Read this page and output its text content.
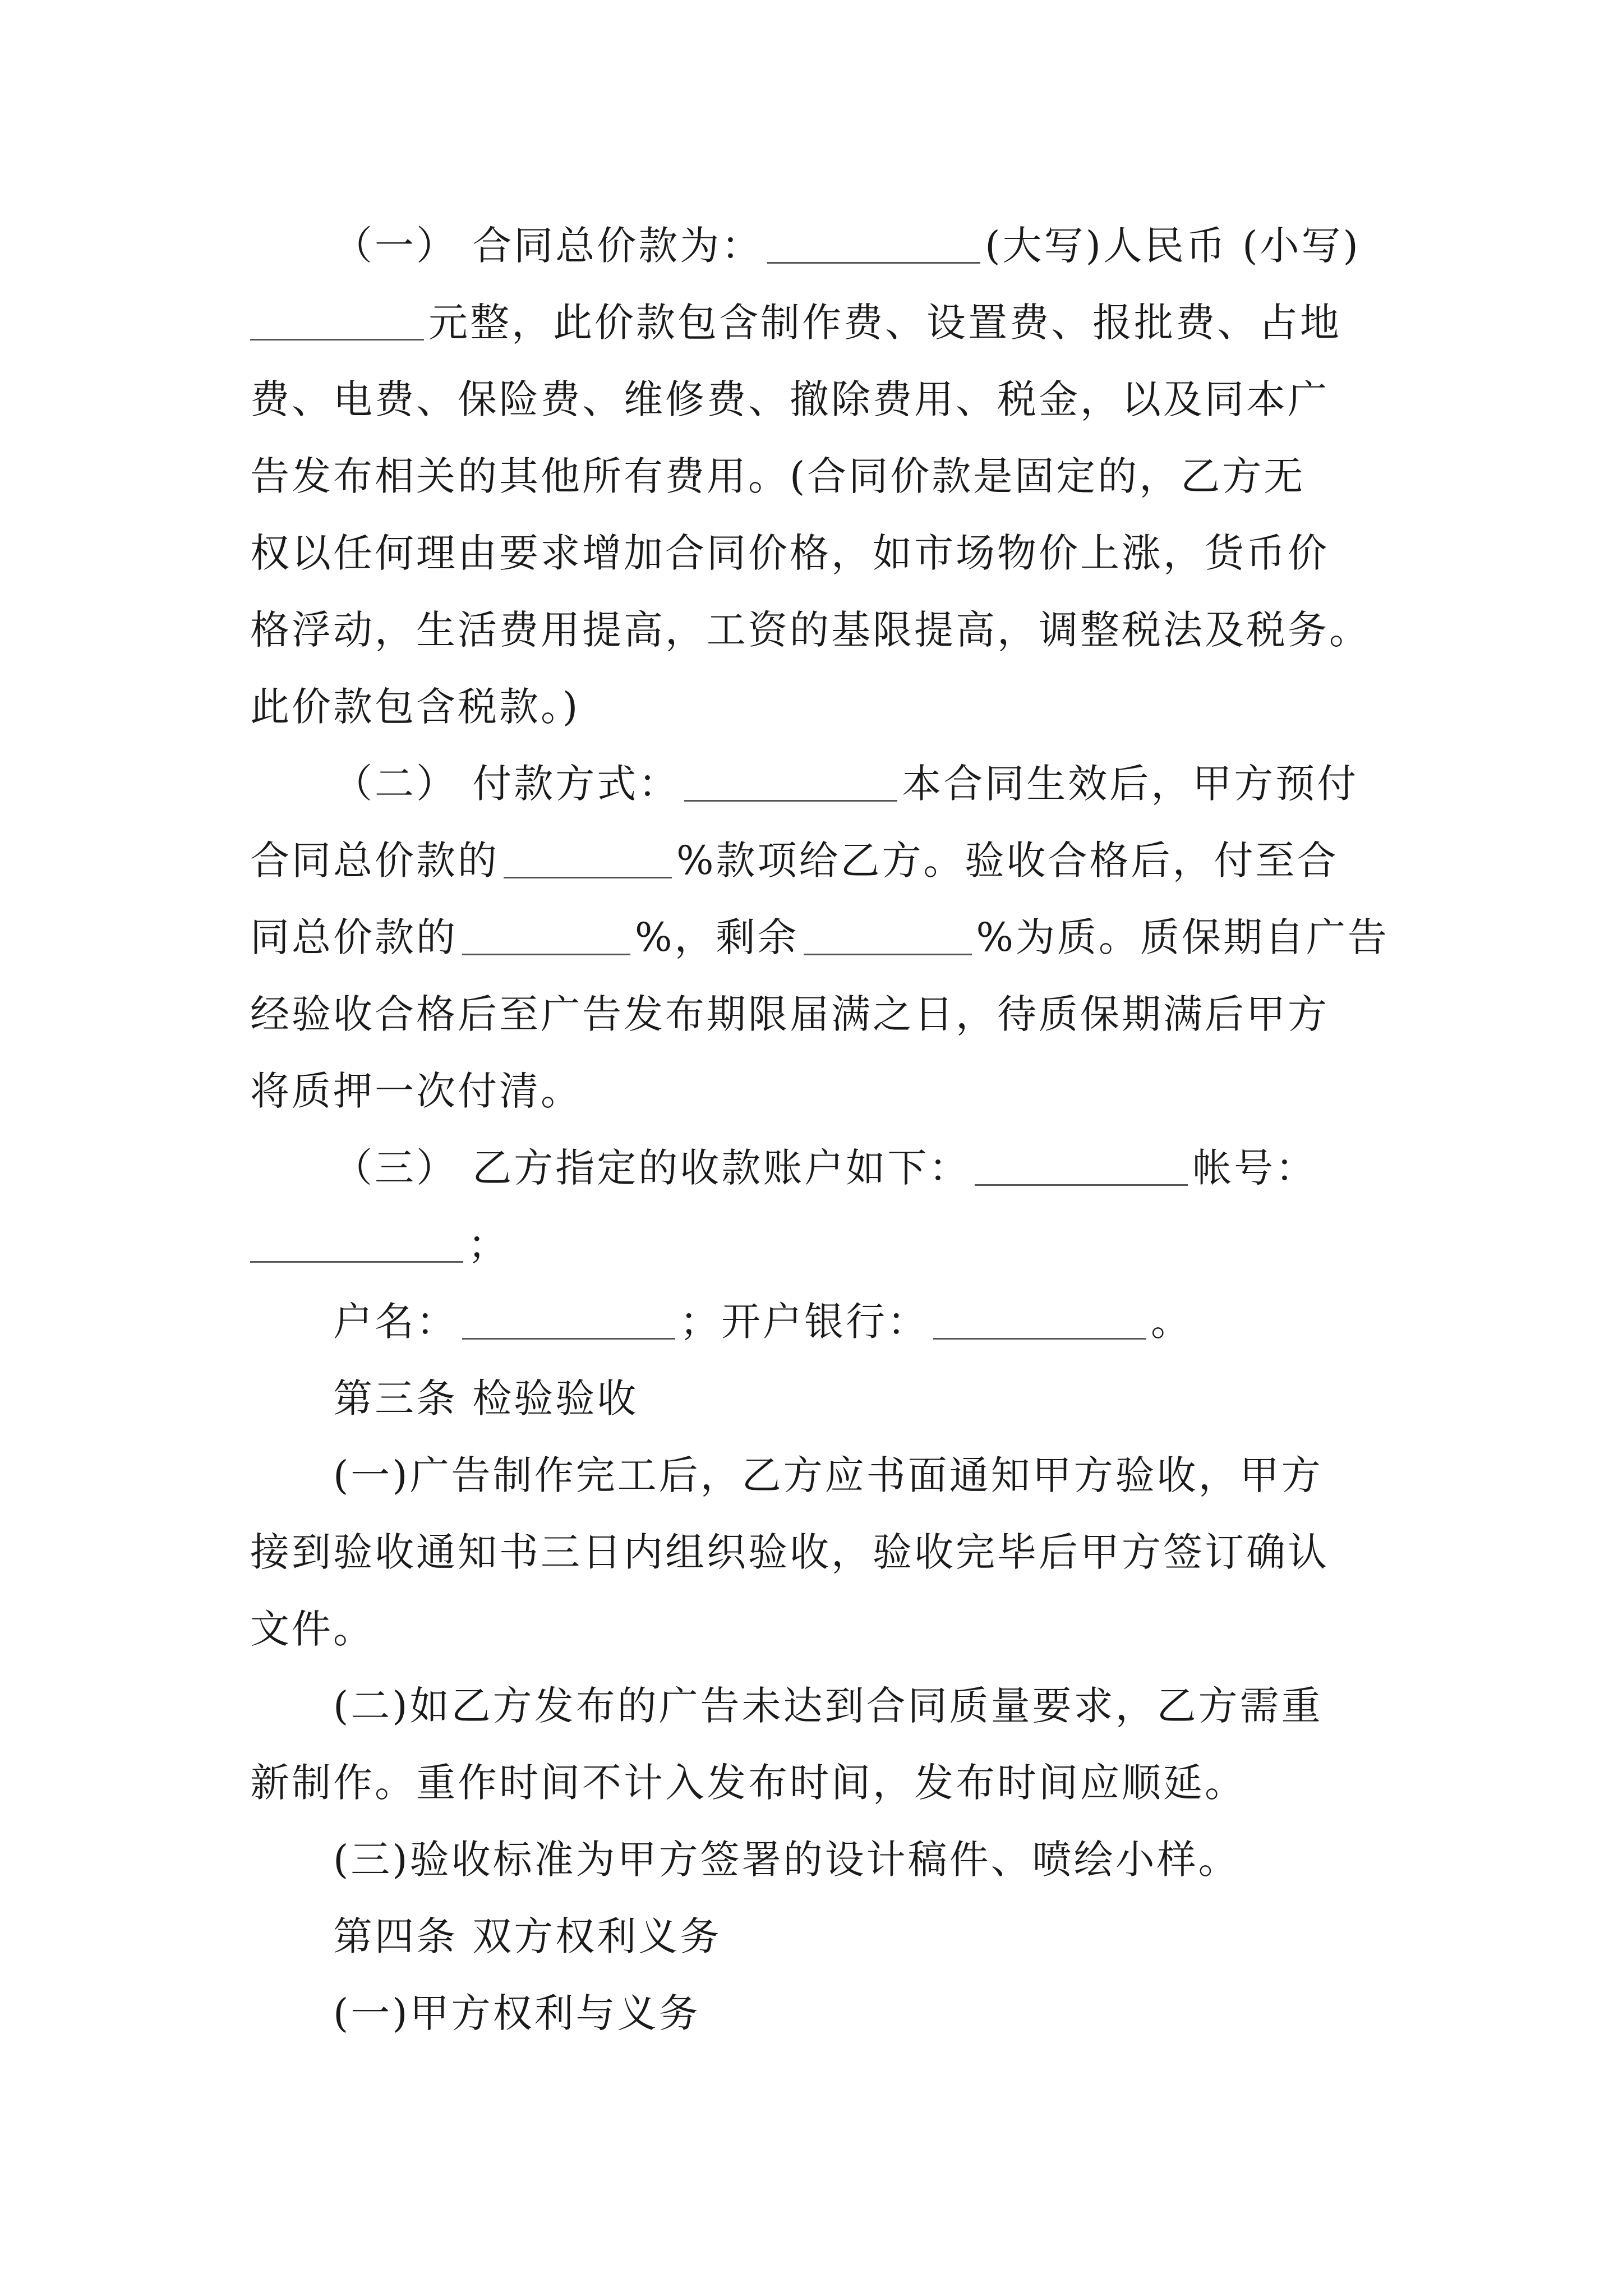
（一） 合同总价款为：	(大写)人民币 (小写)
元整，此价款包含制作费、设置费、报批费、占地
费、电费、保险费、维修费、撤除费用、税金，以及同本广
告发布相关的其他所有费用。(合同价款是固定的，乙方无
权以任何理由要求增加合同价格，如市场物价上涨，货币价
格浮动，生活费用提高，工资的基限提高，调整税法及税务。
此价款包含税款。)
（二） 付款方式：	本合同生效后，甲方预付
合同总价款的	%款项给乙方。验收合格后，付至合
同总价款的	%，剩余	%为质。质保期自广告
经验收合格后至广告发布期限届满之日，待质保期满后甲方
将质押一次付清。
（三） 乙方指定的收款账户如下：	帐号：
；
户名：	；开户银行：	。
第三条 检验验收
(一)广告制作完工后，乙方应书面通知甲方验收，甲方
接到验收通知书三日内组织验收，验收完毕后甲方签订确认
文件。
(二)如乙方发布的广告未达到合同质量要求，乙方需重
新制作。重作时间不计入发布时间，发布时间应顺延。
(三)验收标准为甲方签署的设计稿件、喷绘小样。
第四条 双方权利义务
(一)甲方权利与义务
